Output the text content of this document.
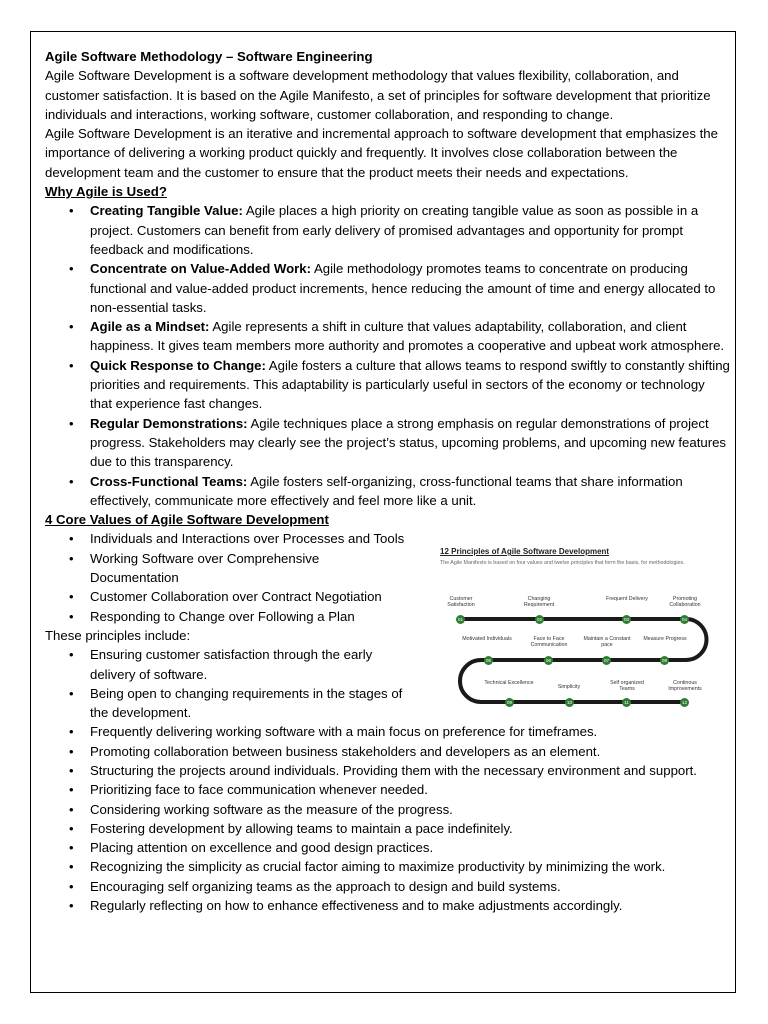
Agile Software Methodology – Software Engineering

Agile Software Development is a software development methodology that values flexibility, collaboration, and customer satisfaction. It is based on the Agile Manifesto, a set of principles for software development that prioritize individuals and interactions, working software, customer collaboration, and responding to change.

Agile Software Development is an iterative and incremental approach to software development that emphasizes the importance of delivering a working product quickly and frequently. It involves close collaboration between the development team and the customer to ensure that the product meets their needs and expectations.

Why Agile is Used?

• Creating Tangible Value: Agile places a high priority on creating tangible value as soon as possible in a project. Customers can benefit from early delivery of promised advantages and opportunity for prompt feedback and modifications.
• Concentrate on Value-Added Work: Agile methodology promotes teams to concentrate on producing functional and value-added product increments, hence reducing the amount of time and energy allocated to non-essential tasks.
• Agile as a Mindset: Agile represents a shift in culture that values adaptability, collaboration, and client happiness. It gives team members more authority and promotes a cooperative and upbeat work atmosphere.
• Quick Response to Change: Agile fosters a culture that allows teams to respond swiftly to constantly shifting priorities and requirements. This adaptability is particularly useful in sectors of the economy or technology that experience fast changes.
• Regular Demonstrations: Agile techniques place a strong emphasis on regular demonstrations of project progress. Stakeholders may clearly see the project’s status, upcoming problems, and upcoming new features due to this transparency.
• Cross-Functional Teams: Agile fosters self-organizing, cross-functional teams that share information effectively, communicate more effectively and feel more like a unit.

4 Core Values of Agile Software Development

• Individuals and Interactions over Processes and Tools
• Working Software over Comprehensive Documentation
• Customer Collaboration over Contract Negotiation
• Responding to Change over Following a Plan

These principles include:

• Ensuring customer satisfaction through the early delivery of software.
• Being open to changing requirements in the stages of the development.
• Frequently delivering working software with a main focus on preference for timeframes.
• Promoting collaboration between business stakeholders and developers as an element.
• Structuring the projects around individuals. Providing them with the necessary environment and support.
• Prioritizing face to face communication whenever needed.
• Considering working software as the measure of the progress.
• Fostering development by allowing teams to maintain a pace indefinitely.
• Placing attention on excellence and good design practices.
• Recognizing the simplicity as crucial factor aiming to maximize productivity by minimizing the work.
• Encouraging self organizing teams as the approach to design and build systems.
• Regularly reflecting on how to enhance effectiveness and to make adjustments accordingly.
12 Principles of Agile Software Development
The Agile Manifesto is based on four values and twelve principles that form the basis, for methodologies.
Customer Satisfaction
01
Changing Requirement
02
Frequent Delivery
03
Promoting Collaboration
04
Motivated Individuals
05
Face to Face Communication
06
Maintain a Constant pace
07
Measure Progress
08
Technical Excellence
09
Simplicity
10
Self organized Teams
11
Continous Improvements
12
